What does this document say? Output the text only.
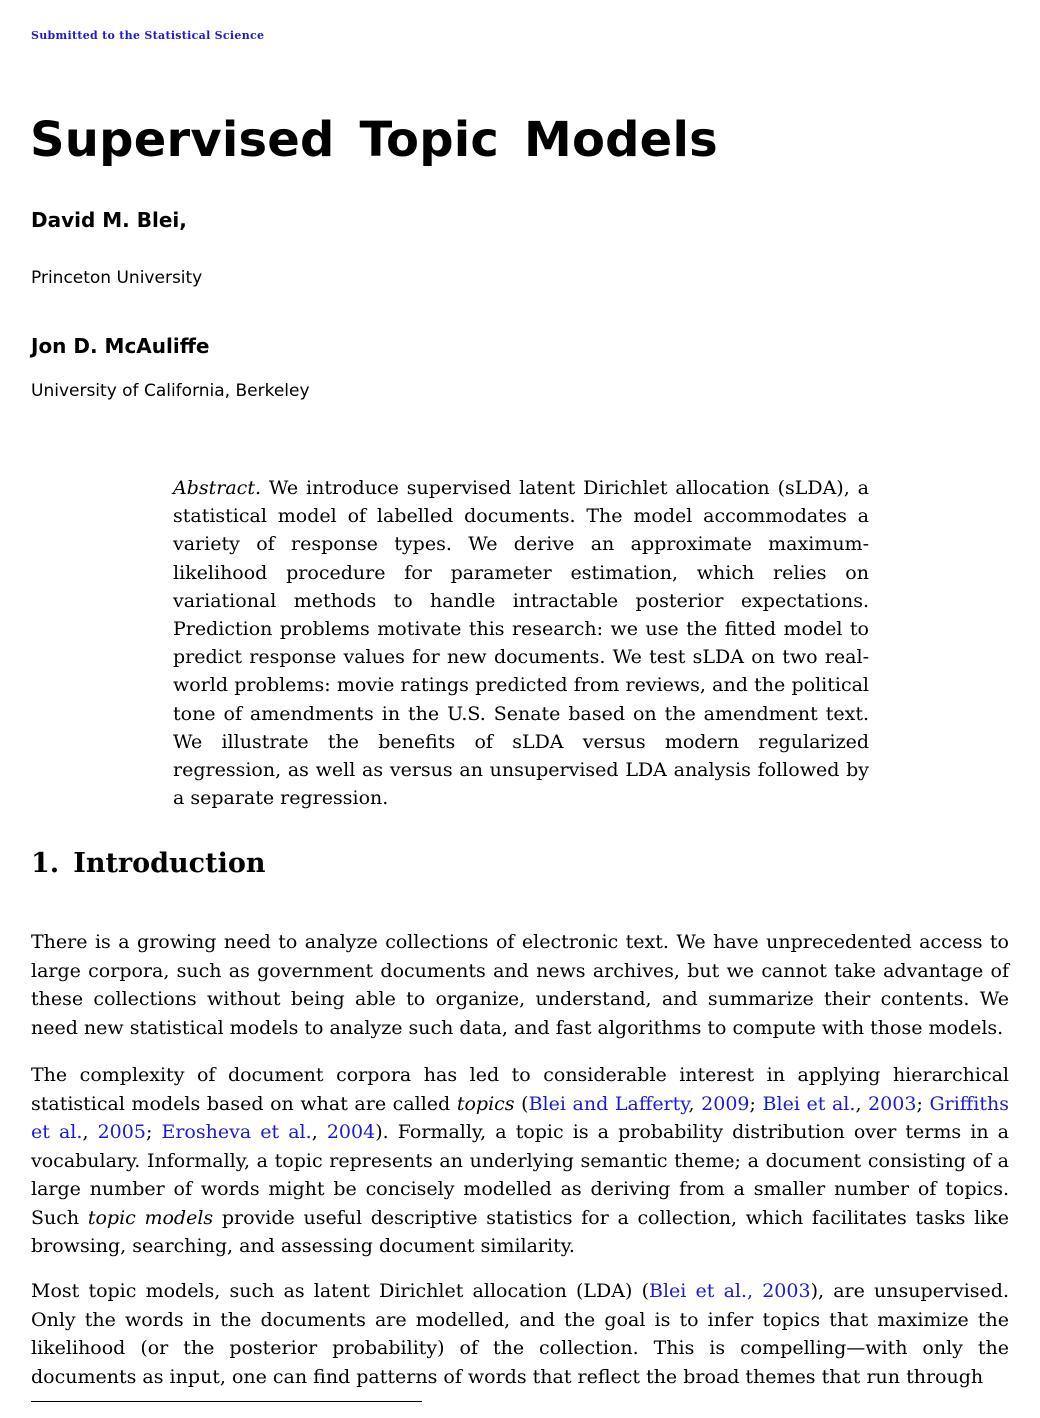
Submitted to the Statistical Science
Supervised Topic Models
David M. Blei,
Princeton University
Jon D. McAuliffe
University of California, Berkeley
Abstract. We introduce supervised latent Dirichlet allocation (sLDA), a statistical model of labelled documents. The model accommodates a variety of response types. We derive an approximate maximum-likelihood procedure for parameter estimation, which relies on variational methods to handle intractable posterior expectations. Prediction problems motivate this research: we use the fitted model to predict response values for new documents. We test sLDA on two real-world problems: movie ratings predicted from reviews, and the political tone of amendments in the U.S. Senate based on the amendment text. We illustrate the benefits of sLDA versus modern regularized regression, as well as versus an unsupervised LDA analysis followed by a separate regression.
1. Introduction
There is a growing need to analyze collections of electronic text. We have unprecedented access to large corpora, such as government documents and news archives, but we cannot take advantage of these collections without being able to organize, understand, and summarize their contents. We need new statistical models to analyze such data, and fast algorithms to compute with those models.
The complexity of document corpora has led to considerable interest in applying hierarchical statistical models based on what are called topics (Blei and Lafferty, 2009; Blei et al., 2003; Griffiths et al., 2005; Erosheva et al., 2004). Formally, a topic is a probability distribution over terms in a vocabulary. Informally, a topic represents an underlying semantic theme; a document consisting of a large number of words might be concisely modelled as deriving from a smaller number of topics. Such topic models provide useful descriptive statistics for a collection, which facilitates tasks like browsing, searching, and assessing document similarity.
Most topic models, such as latent Dirichlet allocation (LDA) (Blei et al., 2003), are unsupervised. Only the words in the documents are modelled, and the goal is to infer topics that maximize the likelihood (or the posterior probability) of the collection. This is compelling—with only the documents as input, one can find patterns of words that reflect the broad themes that run through
